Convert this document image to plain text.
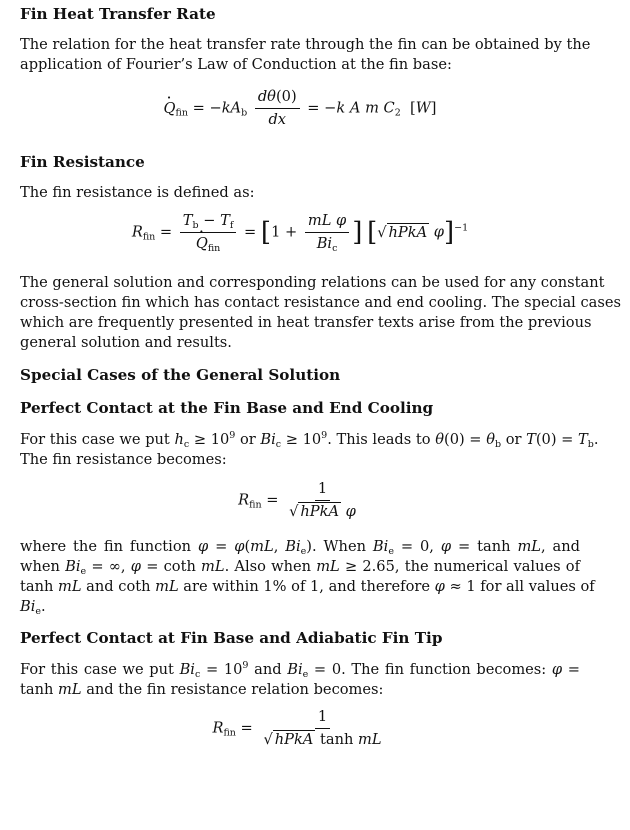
Fin Heat Transfer Rate
The relation for the heat transfer rate through the fin can be obtained by the
application of Fourier’s Law of Conduction at the fin base:
· $Q_{fin} = -kA_b \frac{d\theta(0)}{dx} = -k$ A m $C_2$  [W]
Fin Resistance
The fin resistance is defined as:
$R_{fin} = T_b - T_f$
· $Q_{fin} = [1 + \frac{\text{mL φ}}{Bi_c}$ ] [√ hPkA φ]$^{-1}$
The general solution and corresponding relations can be used for any constant
cross-section fin which has contact resistance and end cooling. The special cases
which are frequently presented in heat transfer texts arise from the previous
general solution and results.
Special Cases of the General Solution
Perfect Contact at the Fin Base and End Cooling
For this case we put $h_c \ge 10^9$ or $Bi_c \ge 10^9$. This leads to $\theta(0) = \theta_b$ or $T(0) = T_b$.
The fin resistance becomes:
$R_{fin} = \frac{1}{\text{√ hPkA φ}}$
where the fin function φ = φ(mL, $Bi_e$). When $Bi_e = 0$, φ = tanh mL, and
when $Bi_e$ = ∞, φ = coth mL. Also when mL ≥ 2.65, the numerical values of
tanh mL and coth mL are within 1% of 1, and therefore φ ≈ 1 for all values of
$Bi_e$.
Perfect Contact at Fin Base and Adiabatic Fin Tip
For this case we put $Bi_c = 10^9$ and $Bi_e = 0$. The fin function becomes: φ =
tanh mL and the fin resistance relation becomes:
$R_{fin} = \frac{1}{\text{√ hPkA tanh mL}}$
